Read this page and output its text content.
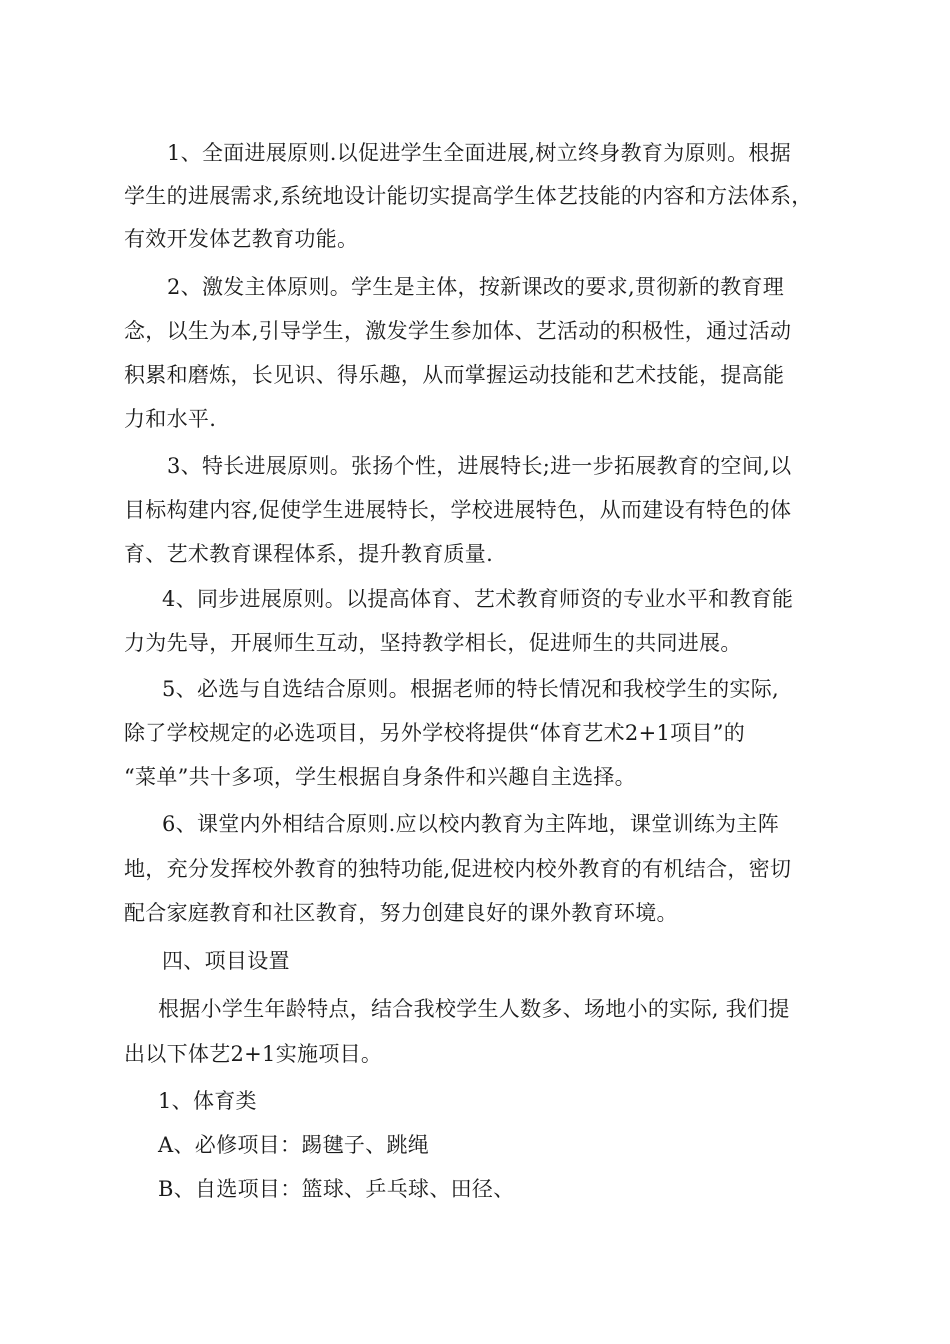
1、全面进展原则.以促进学生全面进展,树立终身教育为原则。根据
学生的进展需求,系统地设计能切实提高学生体艺技能的内容和方法体系，
有效开发体艺教育功能。
2、激发主体原则。学生是主体，按新课改的要求,贯彻新的教育理
念，以生为本,引导学生，激发学生参加体、艺活动的积极性，通过活动
积累和磨炼，长见识、得乐趣，从而掌握运动技能和艺术技能，提高能
力和水平.
3、特长进展原则。张扬个性，进展特长;进一步拓展教育的空间,以
目标构建内容,促使学生进展特长，学校进展特色，从而建设有特色的体
育、艺术教育课程体系，提升教育质量.
4、同步进展原则。以提高体育、艺术教育师资的专业水平和教育能
力为先导，开展师生互动，坚持教学相长，促进师生的共同进展。
5、必选与自选结合原则。根据老师的特长情况和我校学生的实际,
除了学校规定的必选项目，另外学校将提供“体育艺术2+1项目”的
“菜单”共十多项，学生根据自身条件和兴趣自主选择。
6、课堂内外相结合原则.应以校内教育为主阵地，课堂训练为主阵
地，充分发挥校外教育的独特功能,促进校内校外教育的有机结合，密切
配合家庭教育和社区教育，努力创建良好的课外教育环境。
四、项目设置
根据小学生年龄特点，结合我校学生人数多、场地小的实际, 我们提
出以下体艺2+1实施项目。
1、体育类
A、必修项目：踢毽子、跳绳
B、自选项目：篮球、乒乓球、田径、
